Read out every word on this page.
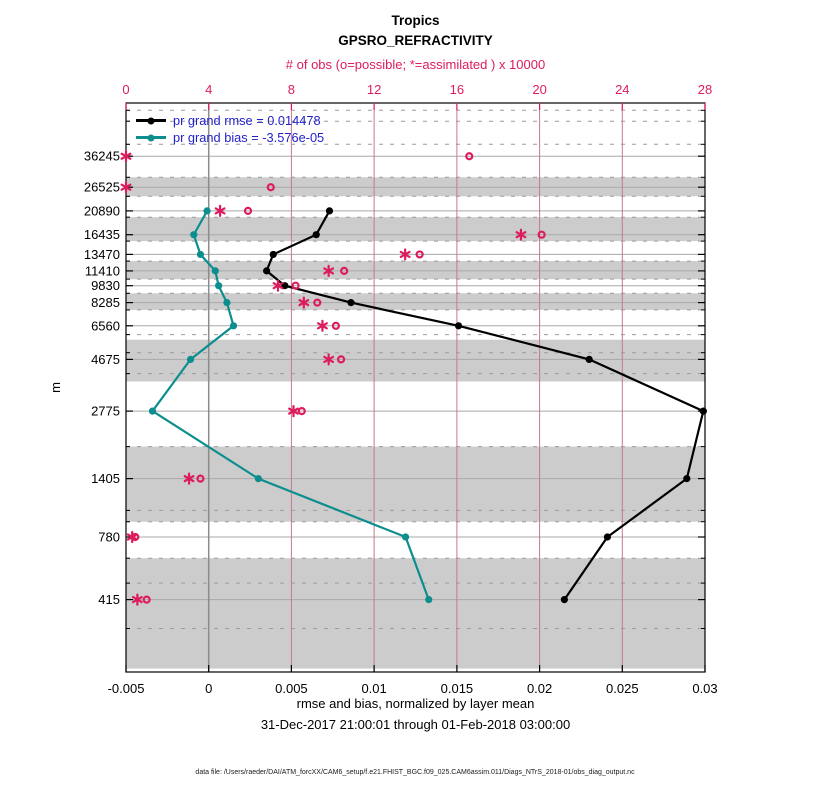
-0.005	0	0.005	0.01	0.015	0.02	0.025	0.03
0	4	8	12	16	20	24	28
36245
26525
20890
16435
13470
11410
9830
8285
6560
4675
2775
1405
780
415
Tropics
GPSRO_REFRACTIVITY
# of obs (o=possible; *=assimilated ) x 10000
pr grand rmse = 0.014478
pr grand bias = -3.576e-05
m
rmse and bias, normalized by layer mean
31-Dec-2017 21:00:01 through 01-Feb-2018 03:00:00
data file: /Users/raeder/DAI/ATM_forcXX/CAM6_setup/f.e21.FHIST_BGC.f09_025.CAM6assim.011/Diags_NTrS_2018-01/obs_diag_output.nc
